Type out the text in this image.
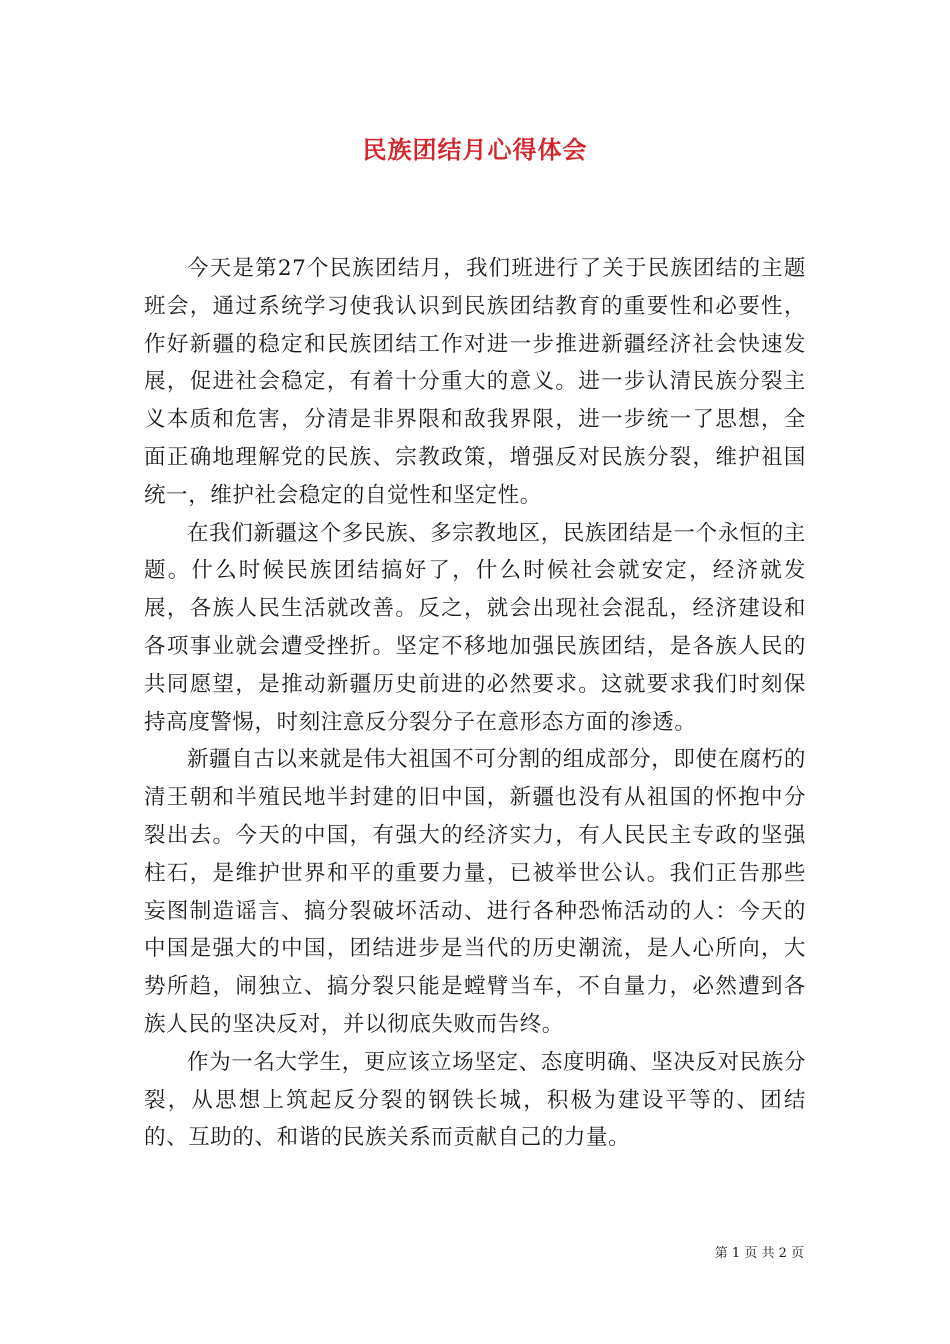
民族团结月心得体会

今天是第27个民族团结月，我们班进行了关于民族团结的主题班会，通过系统学习使我认识到民族团结教育的重要性和必要性，作好新疆的稳定和民族团结工作对进一步推进新疆经济社会快速发展，促进社会稳定，有着十分重大的意义。进一步认清民族分裂主义本质和危害，分清是非界限和敌我界限，进一步统一了思想，全面正确地理解党的民族、宗教政策，增强反对民族分裂，维护祖国统一，维护社会稳定的自觉性和坚定性。

在我们新疆这个多民族、多宗教地区，民族团结是一个永恒的主题。什么时候民族团结搞好了，什么时候社会就安定，经济就发展，各族人民生活就改善。反之，就会出现社会混乱，经济建设和各项事业就会遭受挫折。坚定不移地加强民族团结，是各族人民的共同愿望，是推动新疆历史前进的必然要求。这就要求我们时刻保持高度警惕，时刻注意反分裂分子在意形态方面的渗透。

新疆自古以来就是伟大祖国不可分割的组成部分，即使在腐朽的清王朝和半殖民地半封建的旧中国，新疆也没有从祖国的怀抱中分裂出去。今天的中国，有强大的经济实力，有人民民主专政的坚强柱石，是维护世界和平的重要力量，已被举世公认。我们正告那些妄图制造谣言、搞分裂破坏活动、进行各种恐怖活动的人：今天的中国是强大的中国，团结进步是当代的历史潮流，是人心所向，大势所趋，闹独立、搞分裂只能是螳臂当车，不自量力，必然遭到各族人民的坚决反对，并以彻底失败而告终。

作为一名大学生，更应该立场坚定、态度明确、坚决反对民族分裂，从思想上筑起反分裂的钢铁长城，积极为建设平等的、团结的、互助的、和谐的民族关系而贡献自己的力量。

第 1 页 共 2 页
